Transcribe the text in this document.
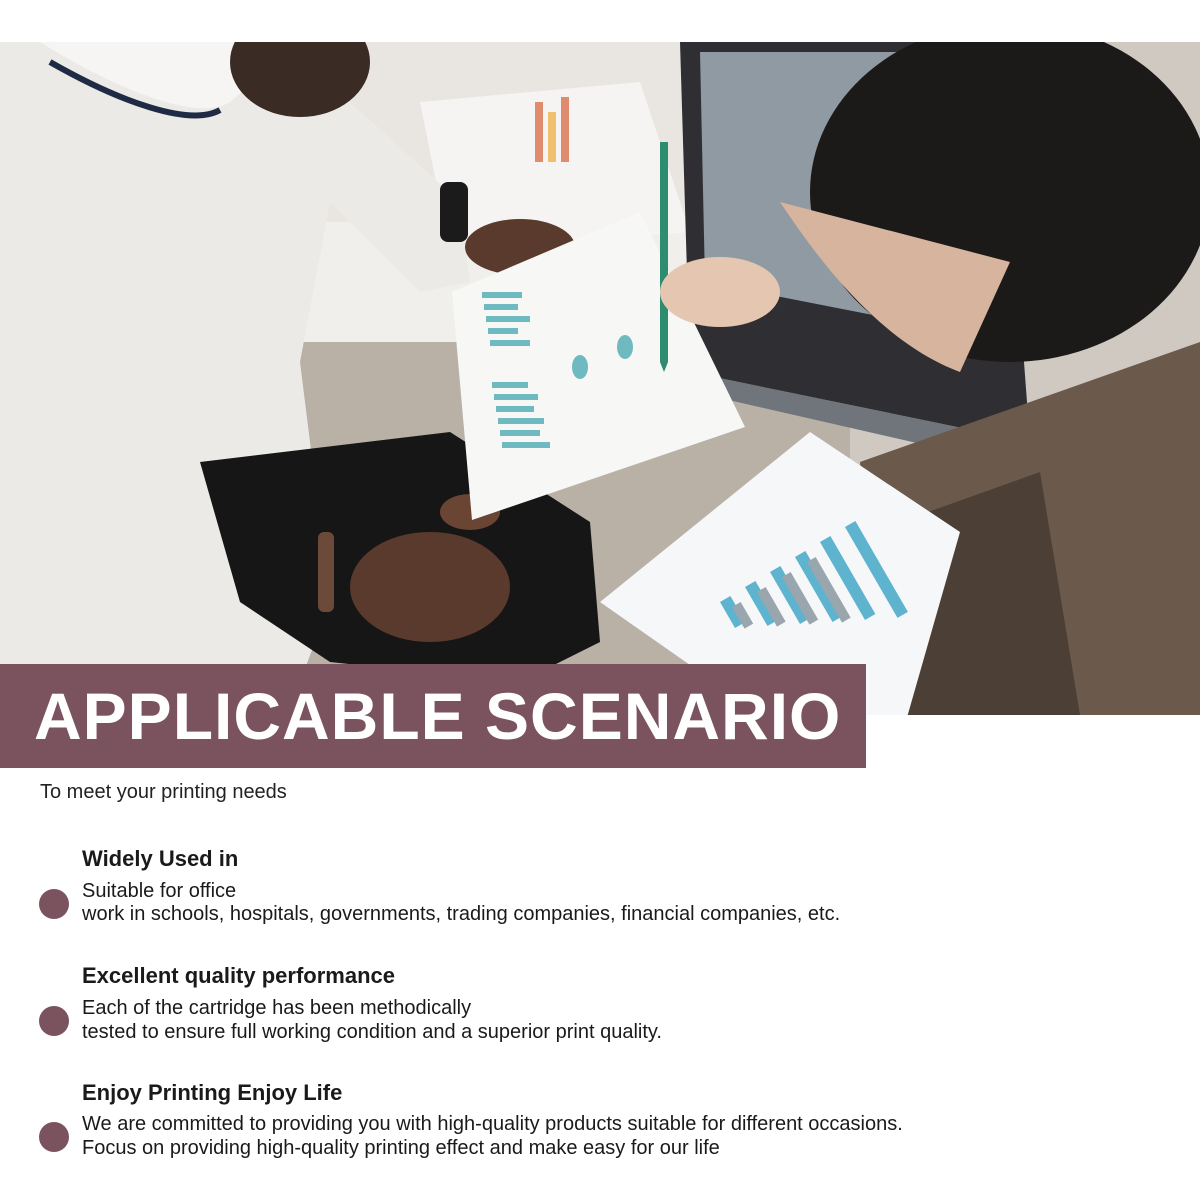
APPLICABLE SCENARIO
To meet your printing needs
Widely Used in
Suitable for office
work in schools, hospitals, governments, trading companies, financial companies, etc.
Excellent quality performance
Each of the cartridge has been methodically
tested to ensure full working condition and a superior print quality.
Enjoy Printing Enjoy Life
We are committed to providing you with high-quality products suitable for different occasions.
Focus on providing high-quality printing effect and make easy for our life
